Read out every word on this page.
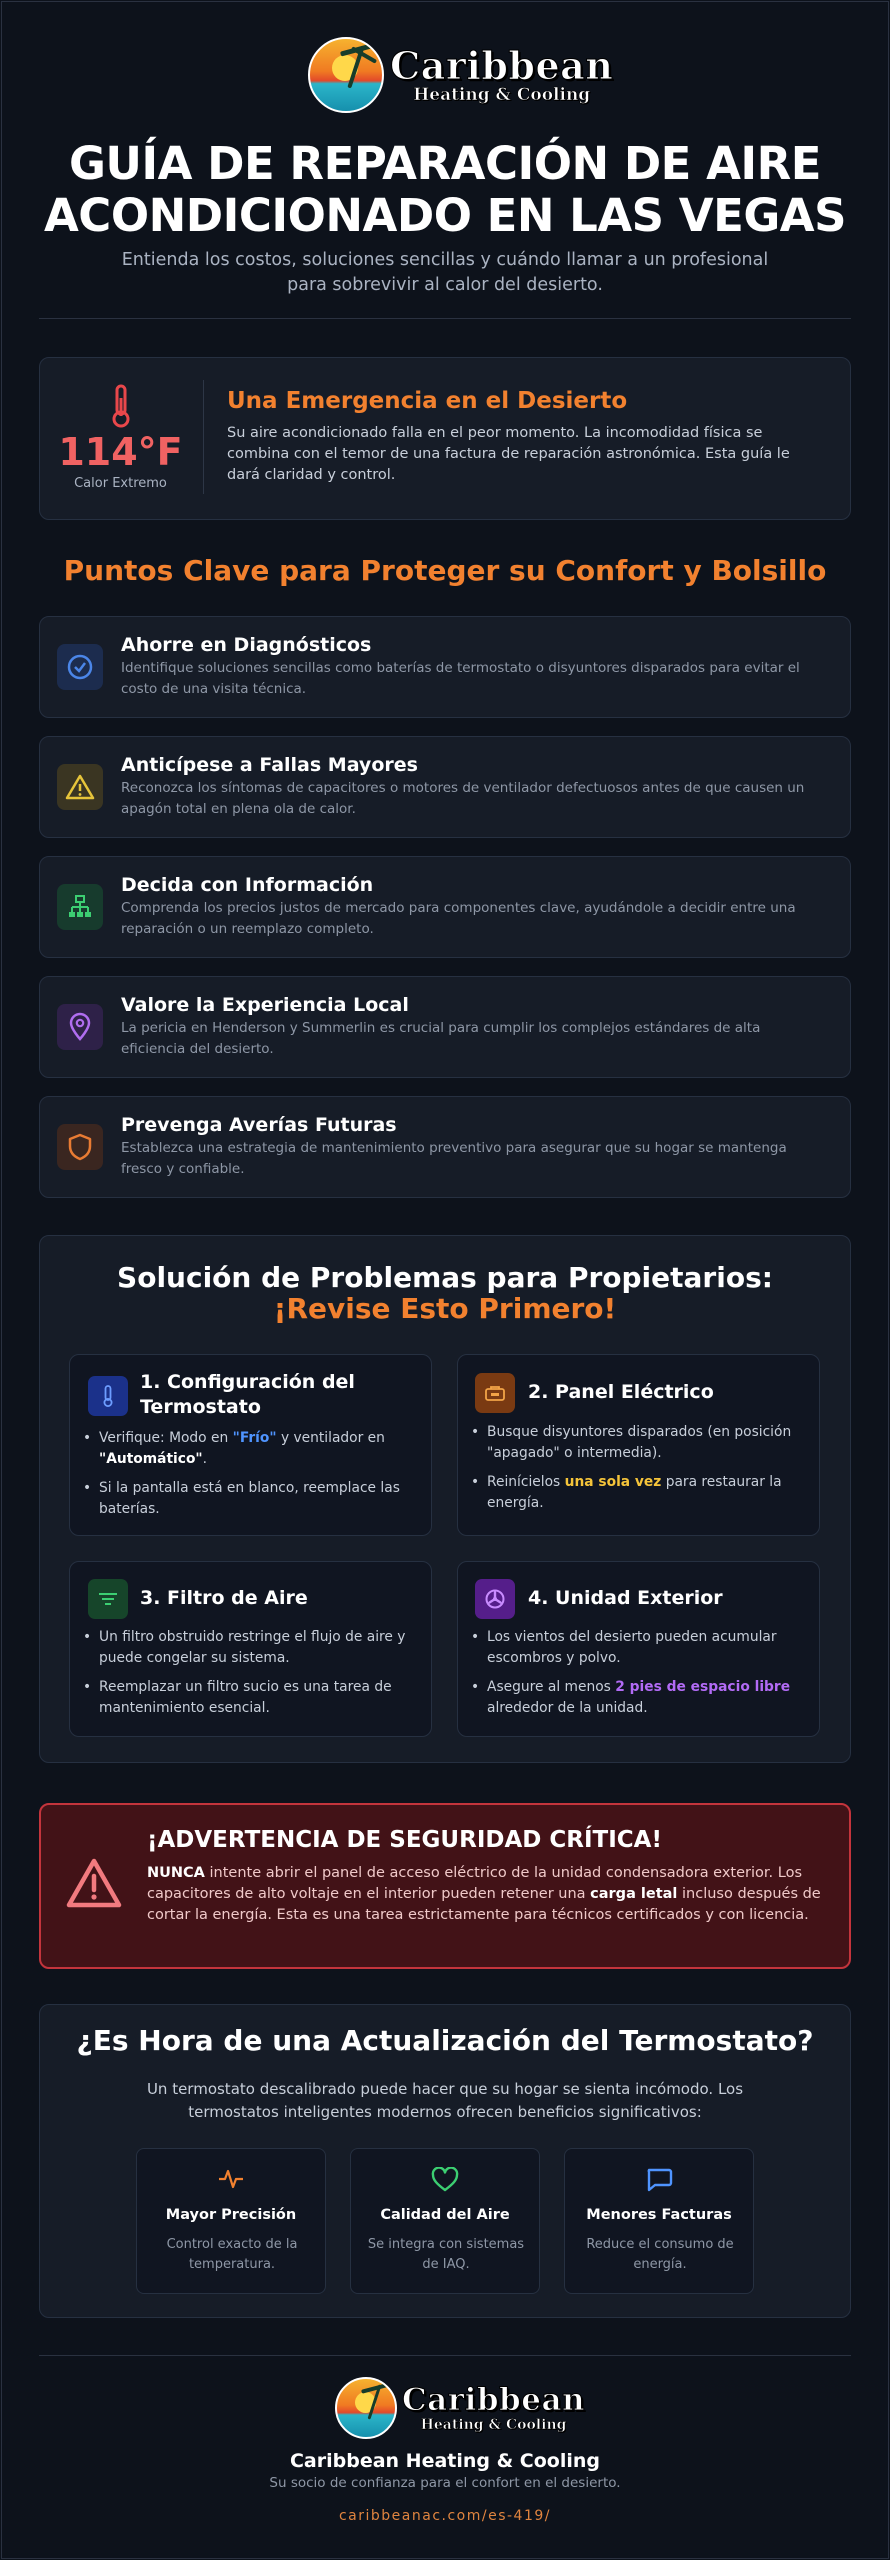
Caribbean
Heating & Cooling
GUÍA DE REPARACIÓN DE AIRE
ACONDICIONADO EN LAS VEGAS
Entienda los costos, soluciones sencillas y cuándo llamar a un profesional para sobrevivir al calor del desierto.
114°F
Calor Extremo
Una Emergencia en el Desierto
Su aire acondicionado falla en el peor momento. La incomodidad física se combina con el temor de una factura de reparación astronómica. Esta guía le dará claridad y control.
Puntos Clave para Proteger su Confort y Bolsillo
Ahorre en Diagnósticos
Identifique soluciones sencillas como baterías de termostato o disyuntores disparados para evitar el costo de una visita técnica.
Anticípese a Fallas Mayores
Reconozca los síntomas de capacitores o motores de ventilador defectuosos antes de que causen un apagón total en plena ola de calor.
Decida con Información
Comprenda los precios justos de mercado para componentes clave, ayudándole a decidir entre una reparación o un reemplazo completo.
Valore la Experiencia Local
La pericia en Henderson y Summerlin es crucial para cumplir los complejos estándares de alta eficiencia del desierto.
Prevenga Averías Futuras
Establezca una estrategia de mantenimiento preventivo para asegurar que su hogar se mantenga fresco y confiable.
Solución de Problemas para Propietarios: ¡Revise Esto Primero!
1. Configuración del Termostato
• Verifique: Modo en "Frío" y ventilador en "Automático".
• Si la pantalla está en blanco, reemplace las baterías.
2. Panel Eléctrico
• Busque disyuntores disparados (en posición "apagado" o intermedia).
• Reinícielos una sola vez para restaurar la energía.
3. Filtro de Aire
• Un filtro obstruido restringe el flujo de aire y puede congelar su sistema.
• Reemplazar un filtro sucio es una tarea de mantenimiento esencial.
4. Unidad Exterior
• Los vientos del desierto pueden acumular escombros y polvo.
• Asegure al menos 2 pies de espacio libre alrededor de la unidad.
¡ADVERTENCIA DE SEGURIDAD CRÍTICA!
NUNCA intente abrir el panel de acceso eléctrico de la unidad condensadora exterior. Los capacitores de alto voltaje en el interior pueden retener una carga letal incluso después de cortar la energía. Esta es una tarea estrictamente para técnicos certificados y con licencia.
¿Es Hora de una Actualización del Termostato?
Un termostato descalibrado puede hacer que su hogar se sienta incómodo. Los termostatos inteligentes modernos ofrecen beneficios significativos:
Mayor Precisión
Control exacto de la temperatura.
Calidad del Aire
Se integra con sistemas de IAQ.
Menores Facturas
Reduce el consumo de energía.
Caribbean
Heating & Cooling
Caribbean Heating & Cooling
Su socio de confianza para el confort en el desierto.
caribbeanac.com/es-419/
